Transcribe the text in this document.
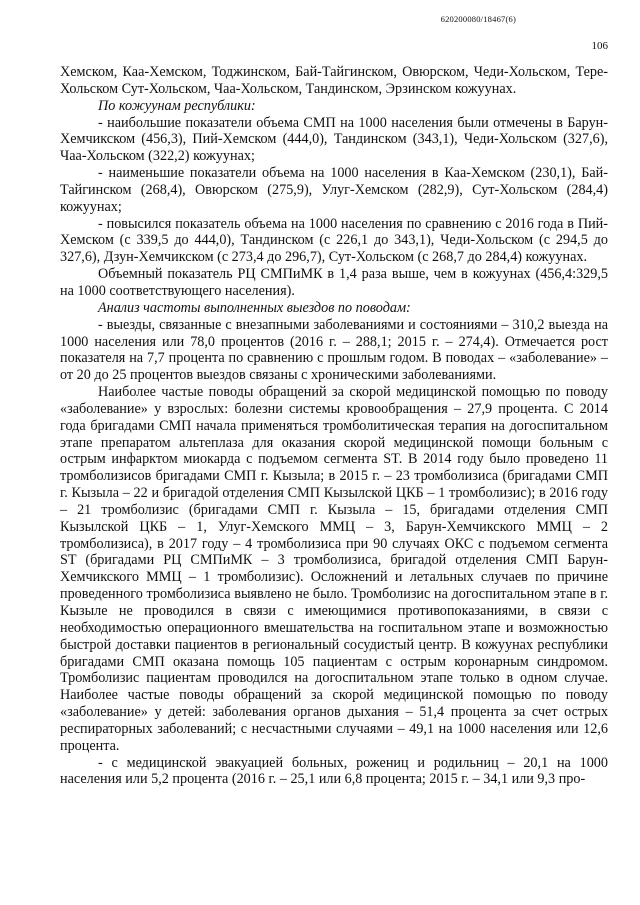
620200080/18467(6)
106

Хемском, Каа-Хемском, Тоджинском, Бай-Тайгинском, Овюрском, Чеди-Хольском, Тере-Хольском Сут-Хольском, Чаа-Хольском, Тандинском, Эрзинском кожуунах.

По кожуунам республики:

- наибольшие показатели объема СМП на 1000 населения были отмечены в Барун-Хемчикском (456,3), Пий-Хемском (444,0), Тандинском (343,1), Чеди-Хольском (327,6), Чаа-Хольском (322,2) кожуунах;

- наименьшие показатели объема на 1000 населения в Каа-Хемском (230,1), Бай-Тайгинском (268,4), Овюрском (275,9), Улуг-Хемском (282,9), Сут-Хольском (284,4) кожуунах;

- повысился показатель объема на 1000 населения по сравнению с 2016 года в Пий-Хемском (с 339,5 до 444,0), Тандинском (с 226,1 до 343,1), Чеди-Хольском (с 294,5 до 327,6), Дзун-Хемчикском (с 273,4 до 296,7), Сут-Хольском (с 268,7 до 284,4) кожуунах.

Объемный показатель РЦ СМПиМК в 1,4 раза выше, чем в кожуунах (456,4:329,5 на 1000 соответствующего населения).

Анализ частоты выполненных выездов по поводам:

- выезды, связанные с внезапными заболеваниями и состояниями – 310,2 выезда на 1000 населения или 78,0 процентов (2016 г. – 288,1; 2015 г. – 274,4). Отмечается рост показателя на 7,7 процента по сравнению с прошлым годом. В поводах – «заболевание» – от 20 до 25 процентов выездов связаны с хроническими заболеваниями.

Наиболее частые поводы обращений за скорой медицинской помощью по поводу «заболевание» у взрослых: болезни системы кровообращения – 27,9 процента. С 2014 года бригадами СМП начала применяться тромболитическая терапия на догоспитальном этапе препаратом альтеплаза для оказания скорой медицинской помощи больным с острым инфарктом миокарда с подъемом сегмента ST. В 2014 году было проведено 11 тромболизисов бригадами СМП г. Кызыла; в 2015 г. – 23 тромболизиса (бригадами СМП г. Кызыла – 22 и бригадой отделения СМП Кызылской ЦКБ – 1 тромболизис); в 2016 году – 21 тромболизис (бригадами СМП г. Кызыла – 15, бригадами отделения СМП Кызылской ЦКБ – 1, Улуг-Хемского ММЦ – 3, Барун-Хемчикского ММЦ – 2 тромболизиса), в 2017 году – 4 тромболизиса при 90 случаях ОКС с подъемом сегмента ST (бригадами РЦ СМПиМК – 3 тромболизиса, бригадой отделения СМП Барун-Хемчикского ММЦ – 1 тромболизис). Осложнений и летальных случаев по причине проведенного тромболизиса выявлено не было. Тромболизис на догоспитальном этапе в г. Кызыле не проводился в связи с имеющимися противопоказаниями, в связи с необходимостью операционного вмешательства на госпитальном этапе и возможностью быстрой доставки пациентов в региональный сосудистый центр. В кожуунах республики бригадами СМП оказана помощь 105 пациентам с острым коронарным синдромом. Тромболизис пациентам проводился на догоспитальном этапе только в одном случае. Наиболее частые поводы обращений за скорой медицинской помощью по поводу «заболевание» у детей: заболевания органов дыхания – 51,4 процента за счет острых респираторных заболеваний; с несчастными случаями – 49,1 на 1000 населения или 12,6 процента.

- с медицинской эвакуацией больных, рожениц и родильниц – 20,1 на 1000 населения или 5,2 процента (2016 г. – 25,1 или 6,8 процента; 2015 г. – 34,1 или 9,3 про-
